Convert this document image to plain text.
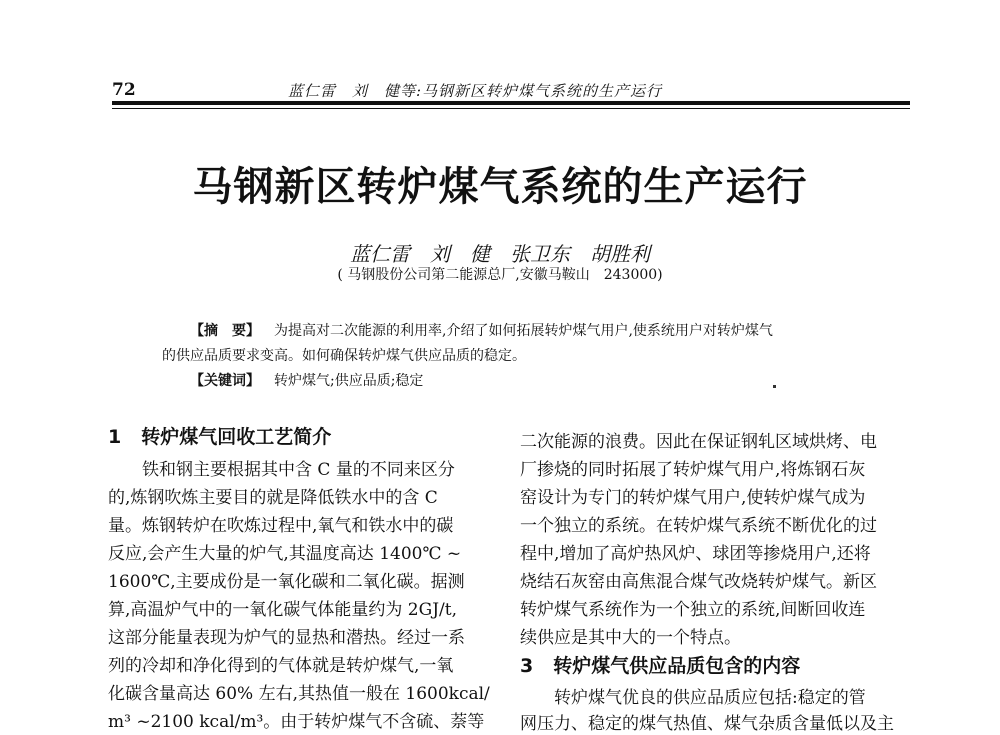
72	蓝仁雷　刘　健等:马钢新区转炉煤气系统的生产运行
马钢新区转炉煤气系统的生产运行
蓝仁雷　刘　健　张卫东　胡胜利
( 马钢股份公司第二能源总厂,安徽马鞍山　243000)
【摘　要】 为提高对二次能源的利用率,介绍了如何拓展转炉煤气用户,使系统用户对转炉煤气
的供应品质要求变高。如何确保转炉煤气供应品质的稳定。
【关键词】 转炉煤气;供应品质;稳定
1 转炉煤气回收工艺简介
　　铁和钢主要根据其中含 C 量的不同来区分
的,炼钢吹炼主要目的就是降低铁水中的含 C
量。炼钢转炉在吹炼过程中,氧气和铁水中的碳
反应,会产生大量的炉气,其温度高达 1400℃ ~
1600℃,主要成份是一氧化碳和二氧化碳。据测
算,高温炉气中的一氧化碳气体能量约为 2GJ/t,
这部分能量表现为炉气的显热和潜热。经过一系
列的冷却和净化得到的气体就是转炉煤气,一氧
化碳含量高达 60% 左右,其热值一般在 1600kcal/
m³ ~2100 kcal/m³。由于转炉煤气不含硫、萘等
二次能源的浪费。因此在保证钢轧区域烘烤、电
厂掺烧的同时拓展了转炉煤气用户,将炼钢石灰
窑设计为专门的转炉煤气用户,使转炉煤气成为
一个独立的系统。在转炉煤气系统不断优化的过
程中,增加了高炉热风炉、球团等掺烧用户,还将
烧结石灰窑由高焦混合煤气改烧转炉煤气。新区
转炉煤气系统作为一个独立的系统,间断回收连
续供应是其中大的一个特点。
3 转炉煤气供应品质包含的内容
　　转炉煤气优良的供应品质应包括:稳定的管
网压力、稳定的煤气热值、煤气杂质含量低以及主
